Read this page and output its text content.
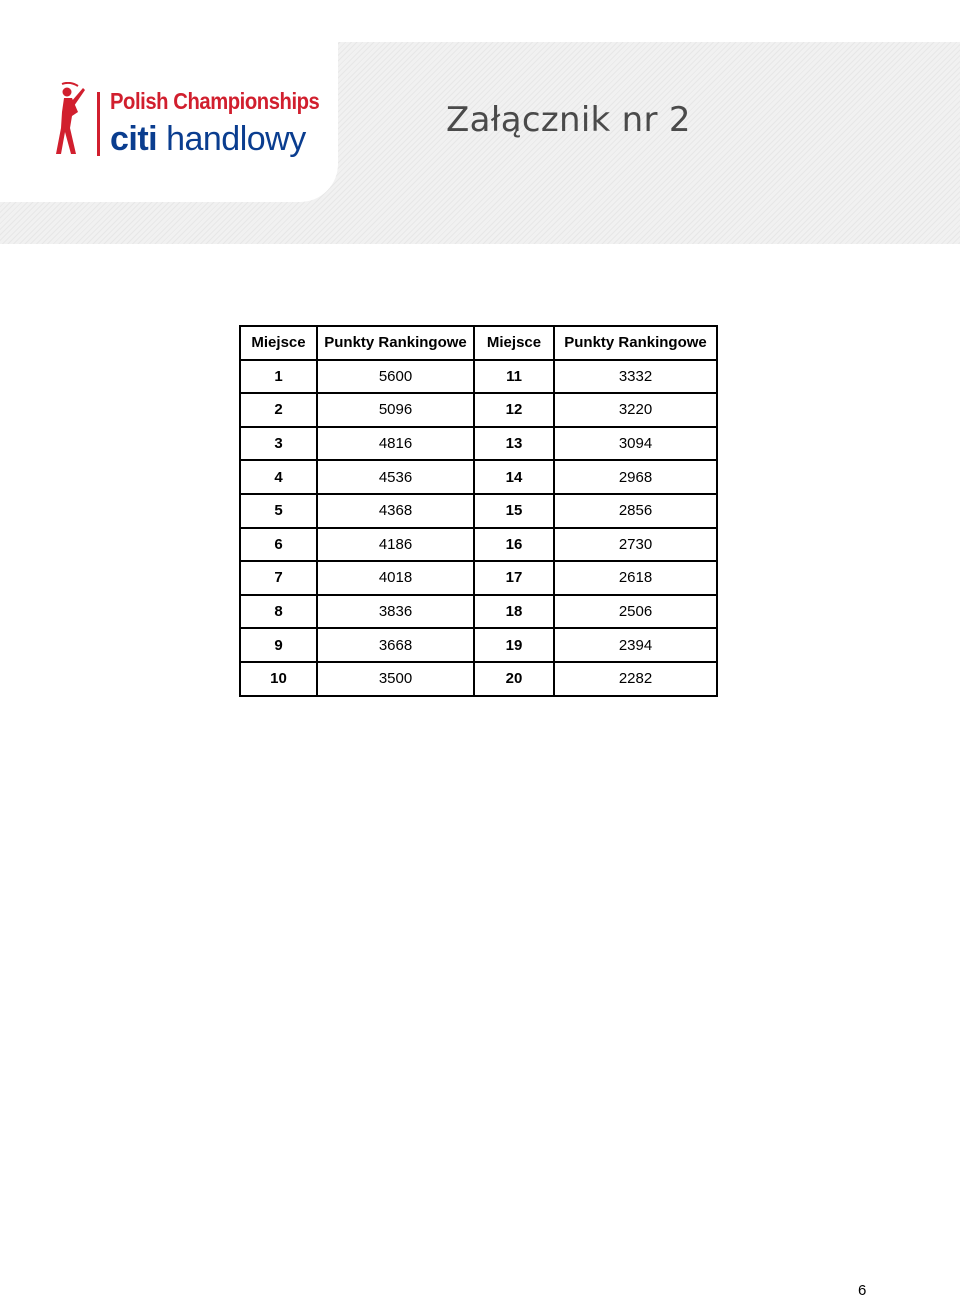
Polish Championships
citi handlowy	Załącznik nr 2
Miejsce	Punkty Rankingowe	Miejsce	Punkty Rankingowe
1	5600	11	3332
2	5096	12	3220
3	4816	13	3094
4	4536	14	2968
5	4368	15	2856
6	4186	16	2730
7	4018	17	2618
8	3836	18	2506
9	3668	19	2394
10	3500	20	2282
6
